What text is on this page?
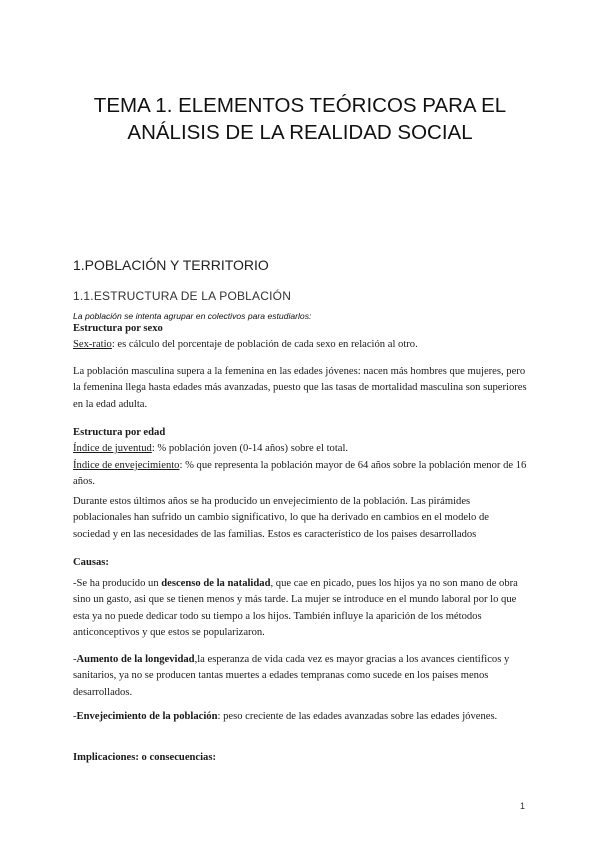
TEMA 1. ELEMENTOS TEÓRICOS PARA EL
ANÁLISIS DE LA REALIDAD SOCIAL
1.POBLACIÓN Y TERRITORIO
1.1.ESTRUCTURA DE LA POBLACIÓN
La población se intenta agrupar en colectivos para estudiarlos:
Estructura por sexo
Sex-ratio: es cálculo del porcentaje de población de cada sexo en relación al otro.
La población masculina supera a la femenina en las edades jóvenes: nacen más hombres que mujeres, pero la femenina llega hasta edades más avanzadas, puesto que las tasas de mortalidad masculina son superiores en la edad adulta.
Estructura por edad
Índice de juventud: % población joven (0-14 años) sobre el total.
Índice de envejecimiento: % que representa la población mayor de 64 años sobre la población menor de 16 años.
Durante estos últimos años se ha producido un envejecimiento de la población. Las pirámides poblacionales han sufrido un cambio significativo, lo que ha derivado en cambios en el modelo de sociedad y en las necesidades de las familias. Estos es característico de los paises desarrollados
Causas:
-Se ha producido un descenso de la natalidad, que cae en picado, pues los hijos ya no son mano de obra sino un gasto, asi que se tienen menos y más tarde. La mujer se introduce en el mundo laboral por lo que esta ya no puede dedicar todo su tiempo a los hijos. También influye la aparición de los métodos anticonceptivos y que estos se popularizaron.
-Aumento de la longevidad,la esperanza de vida cada vez es mayor gracias a los avances cientificos y sanitarios, ya no se producen tantas muertes a edades tempranas como sucede en los paises menos desarrollados.
-Envejecimiento de la población: peso creciente de las edades avanzadas sobre las edades jóvenes.
Implicaciones: o consecuencias:
1
